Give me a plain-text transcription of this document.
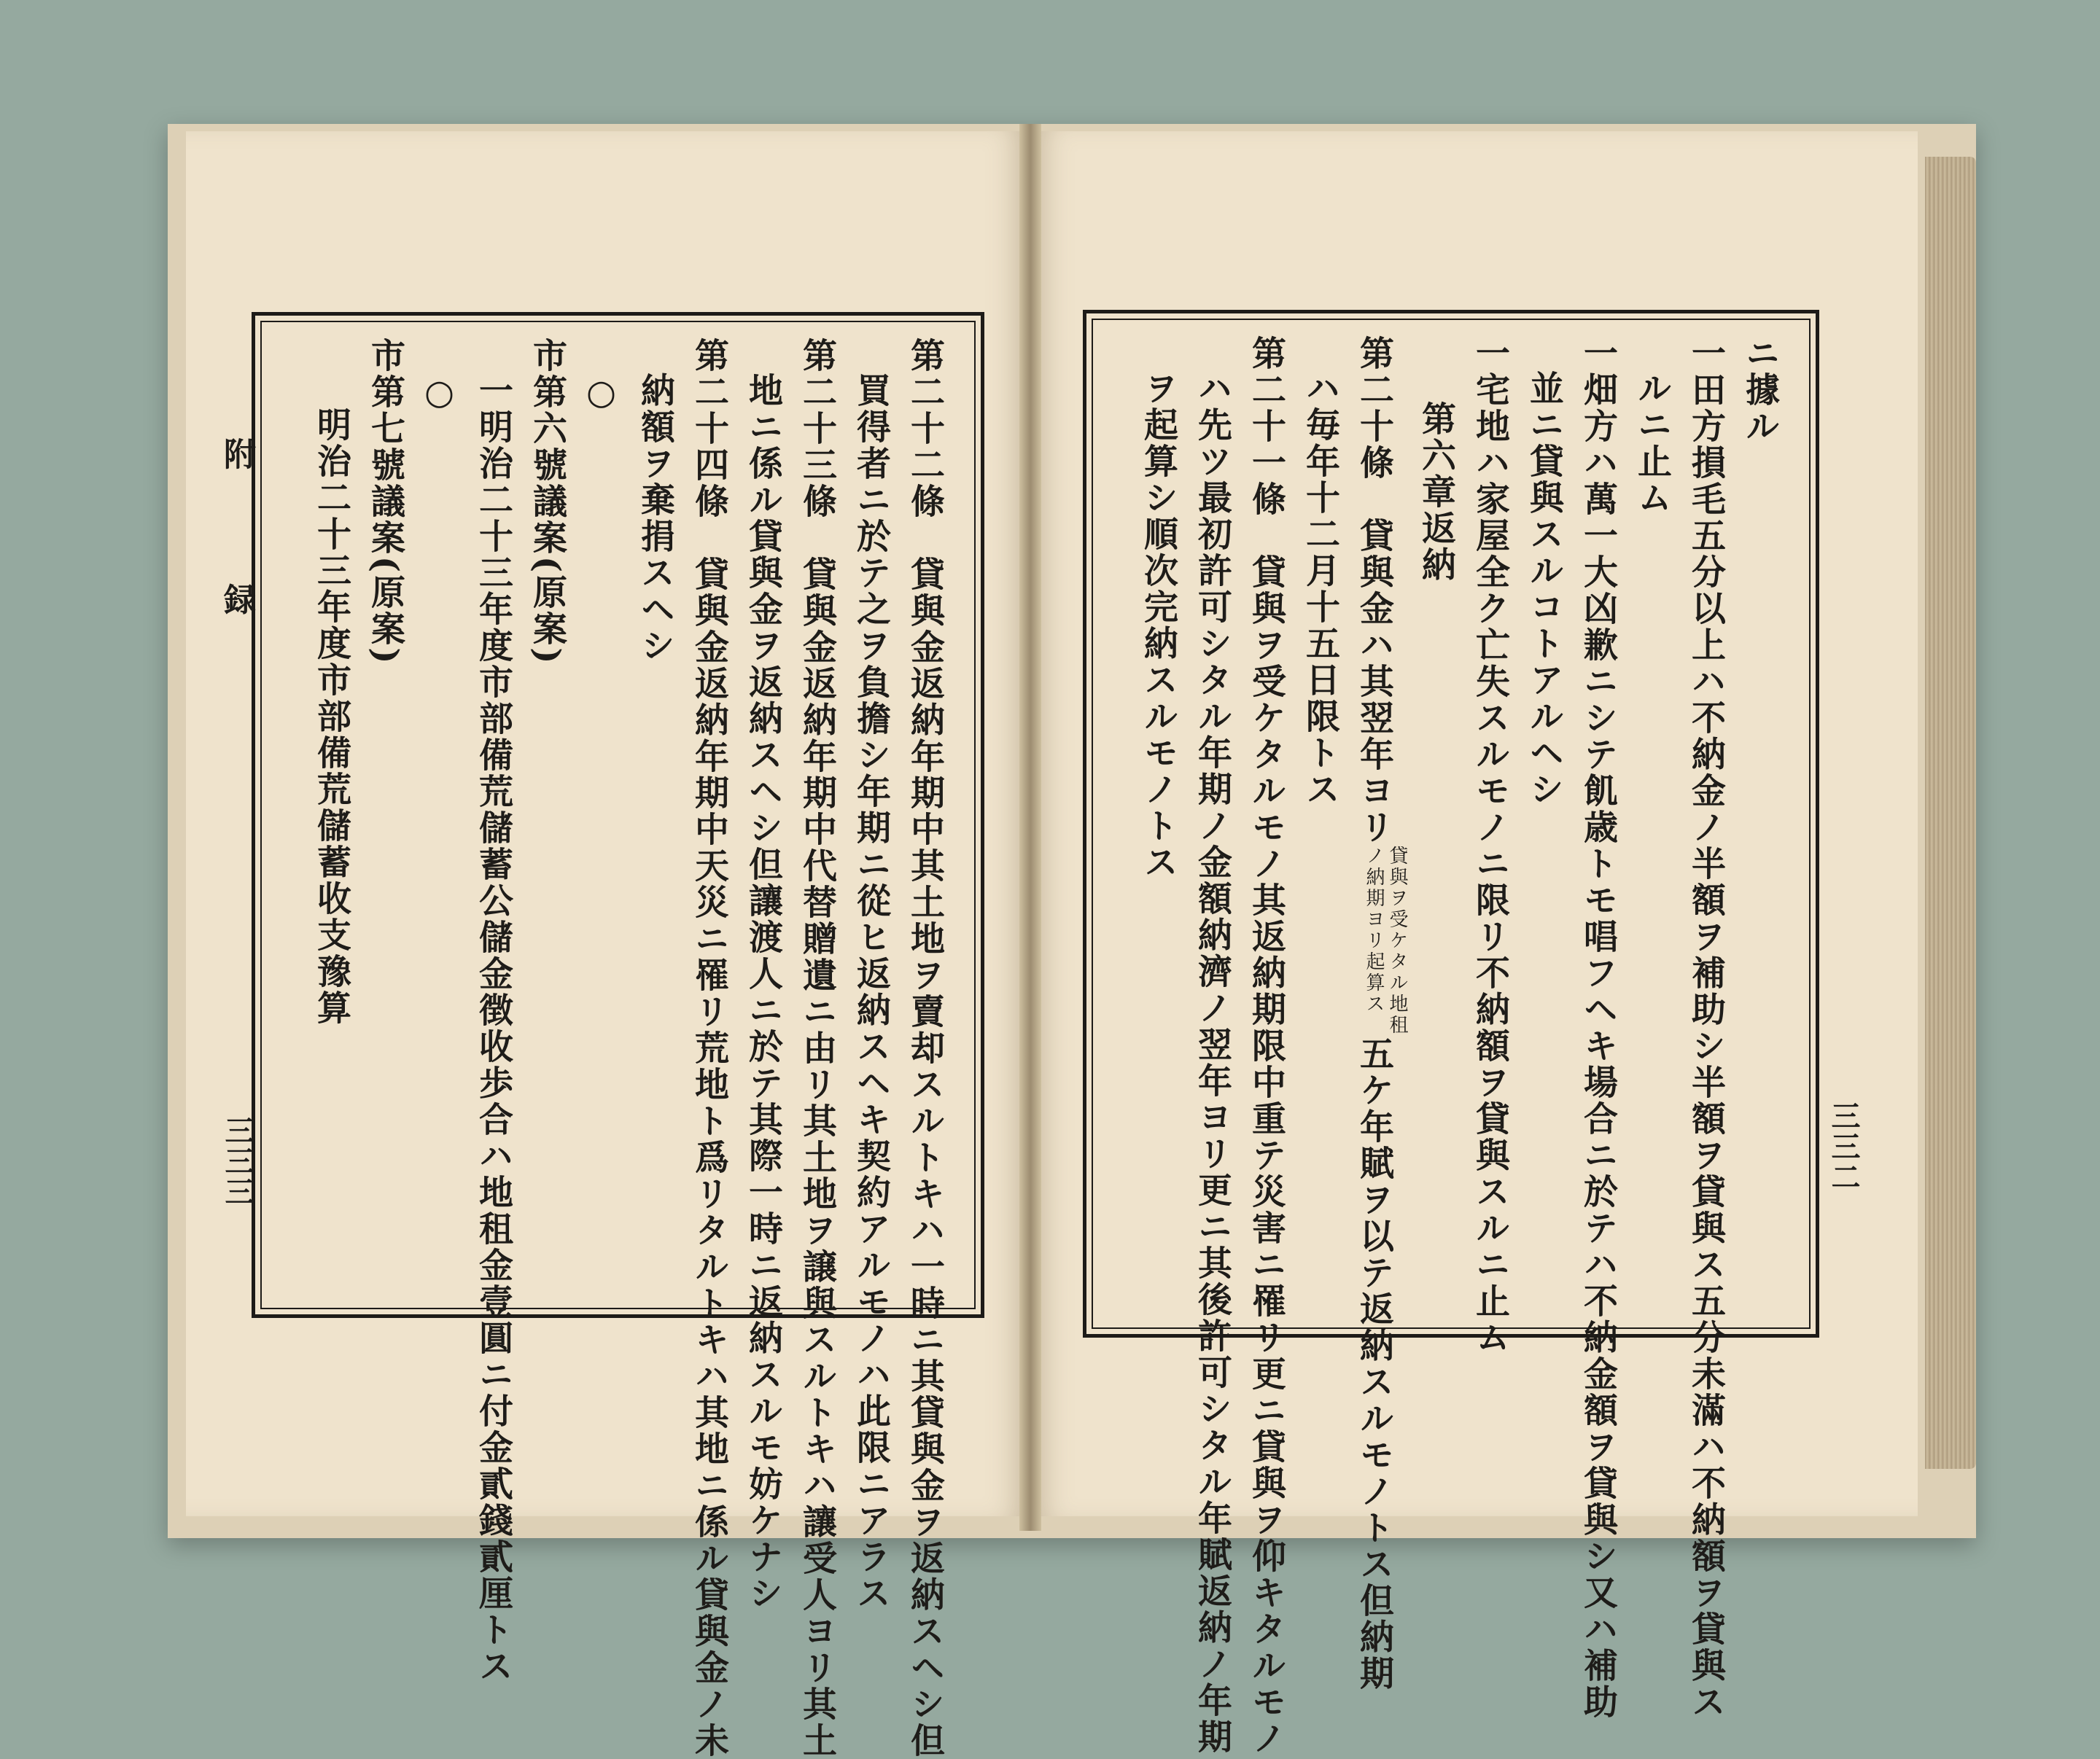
附 録
三三三	第二十二條　貸與金返納年期中其土地ヲ賣却スルトキハ一時ニ其貸與金ヲ返納スヘシ但

買得者ニ於テ之ヲ負擔シ年期ニ從ヒ返納スヘキ契約アルモノハ此限ニアラス

第二十三條　貸與金返納年期中代替贈遺ニ由リ其土地ヲ譲與スルトキハ讓受人ヨリ其土

地ニ係ル貸與金ヲ返納スヘシ但讓渡人ニ於テ其際一時ニ返納スルモ妨ケナシ

第二十四條　貸與金返納年期中天災ニ罹リ荒地ト爲リタルトキハ其地ニ係ル貸與金ノ未

納額ヲ棄捐スヘシ

○

市第六號議案(原案)

一明治二十三年度市部備荒儲蓄公儲金徴收歩合ハ地租金壹圓ニ付金貳錢貳厘トス

○

市第七號議案(原案)

明治二十三年度市部備荒儲蓄收支豫算

三三二

ニ據ル

一田方損毛五分以上ハ不納金ノ半額ヲ補助シ半額ヲ貸與ス五分未滿ハ不納額ヲ貸與ス

ルニ止ム

一畑方ハ萬一大凶歉ニシテ飢歳トモ唱フヘキ場合ニ於テハ不納金額ヲ貸與シ又ハ補助

並ニ貸與スルコトアルヘシ

一宅地ハ家屋全ク亡失スルモノニ限リ不納額ヲ貸與スルニ止ム

第六章返納

第二十條　貸與金ハ其翌年ヨリ貸與ヲ受ケタル地租
ノ納期ヨリ起算ス五ケ年賦ヲ以テ返納スルモノトス但納期

ハ毎年十二月十五日限トス

第二十一條　貸與ヲ受ケタルモノ其返納期限中重テ災害ニ罹リ更ニ貸與ヲ仰キタルモノ

ハ先ツ最初許可シタル年期ノ金額納濟ノ翌年ヨリ更ニ其後許可シタル年賦返納ノ年期

ヲ起算シ順次完納スルモノトス
